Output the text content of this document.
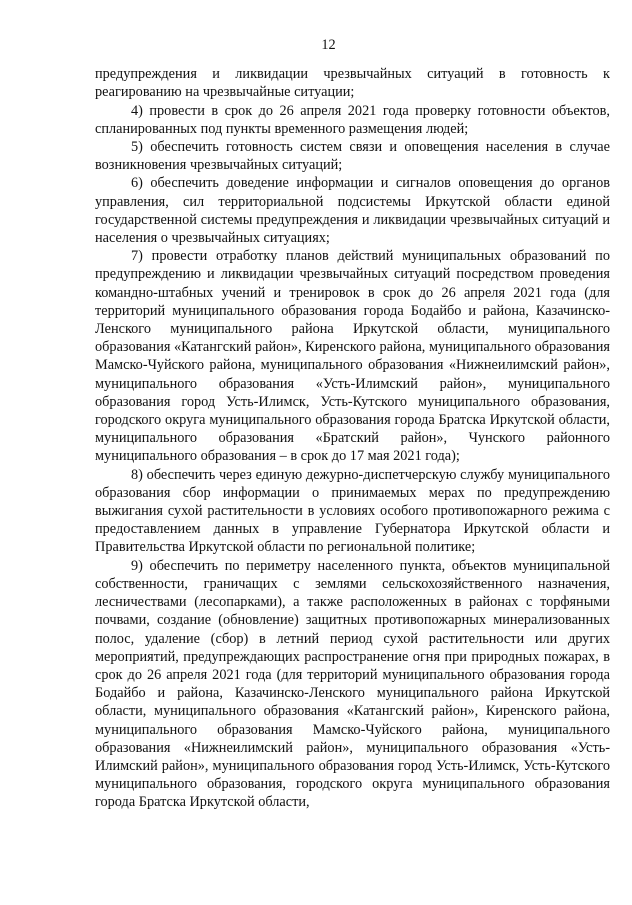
12

предупреждения и ликвидации чрезвычайных ситуаций в готовность к реагированию на чрезвычайные ситуации;

4) провести в срок до 26 апреля 2021 года проверку готовности объектов, спланированных под пункты временного размещения людей;

5) обеспечить готовность систем связи и оповещения населения в случае возникновения чрезвычайных ситуаций;

6) обеспечить доведение информации и сигналов оповещения до органов управления, сил территориальной подсистемы Иркутской области единой государственной системы предупреждения и ликвидации чрезвычайных ситуаций и населения о чрезвычайных ситуациях;

7) провести отработку планов действий муниципальных образований по предупреждению и ликвидации чрезвычайных ситуаций посредством проведения командно-штабных учений и тренировок в срок до 26 апреля 2021 года (для территорий муниципального образования города Бодайбо и района, Казачинско-Ленского муниципального района Иркутской области, муниципального образования «Катангский район», Киренского района, муниципального образования Мамско-Чуйского района, муниципального образования «Нижнеилимский район», муниципального образования «Усть-Илимский район», муниципального образования город Усть-Илимск, Усть-Кутского муниципального образования, городского округа муниципального образования города Братска Иркутской области, муниципального образования «Братский район», Чунского районного муниципального образования – в срок до 17 мая 2021 года);

8) обеспечить через единую дежурно-диспетчерскую службу муниципального образования сбор информации о принимаемых мерах по предупреждению выжигания сухой растительности в условиях особого противопожарного режима с предоставлением данных в управление Губернатора Иркутской области и Правительства Иркутской области по региональной политике;

9) обеспечить по периметру населенного пункта, объектов муниципальной собственности, граничащих с землями сельскохозяйственного назначения, лесничествами (лесопарками), а также расположенных в районах с торфяными почвами, создание (обновление) защитных противопожарных минерализованных полос, удаление (сбор) в летний период сухой растительности или других мероприятий, предупреждающих распространение огня при природных пожарах, в срок до 26 апреля 2021 года (для территорий муниципального образования города Бодайбо и района, Казачинско-Ленского муниципального района Иркутской области, муниципального образования «Катангский район», Киренского района, муниципального образования Мамско-Чуйского района, муниципального образования «Нижнеилимский район», муниципального образования «Усть-Илимский район», муниципального образования город Усть-Илимск, Усть-Кутского муниципального образования, городского округа муниципального образования города Братска Иркутской области,
